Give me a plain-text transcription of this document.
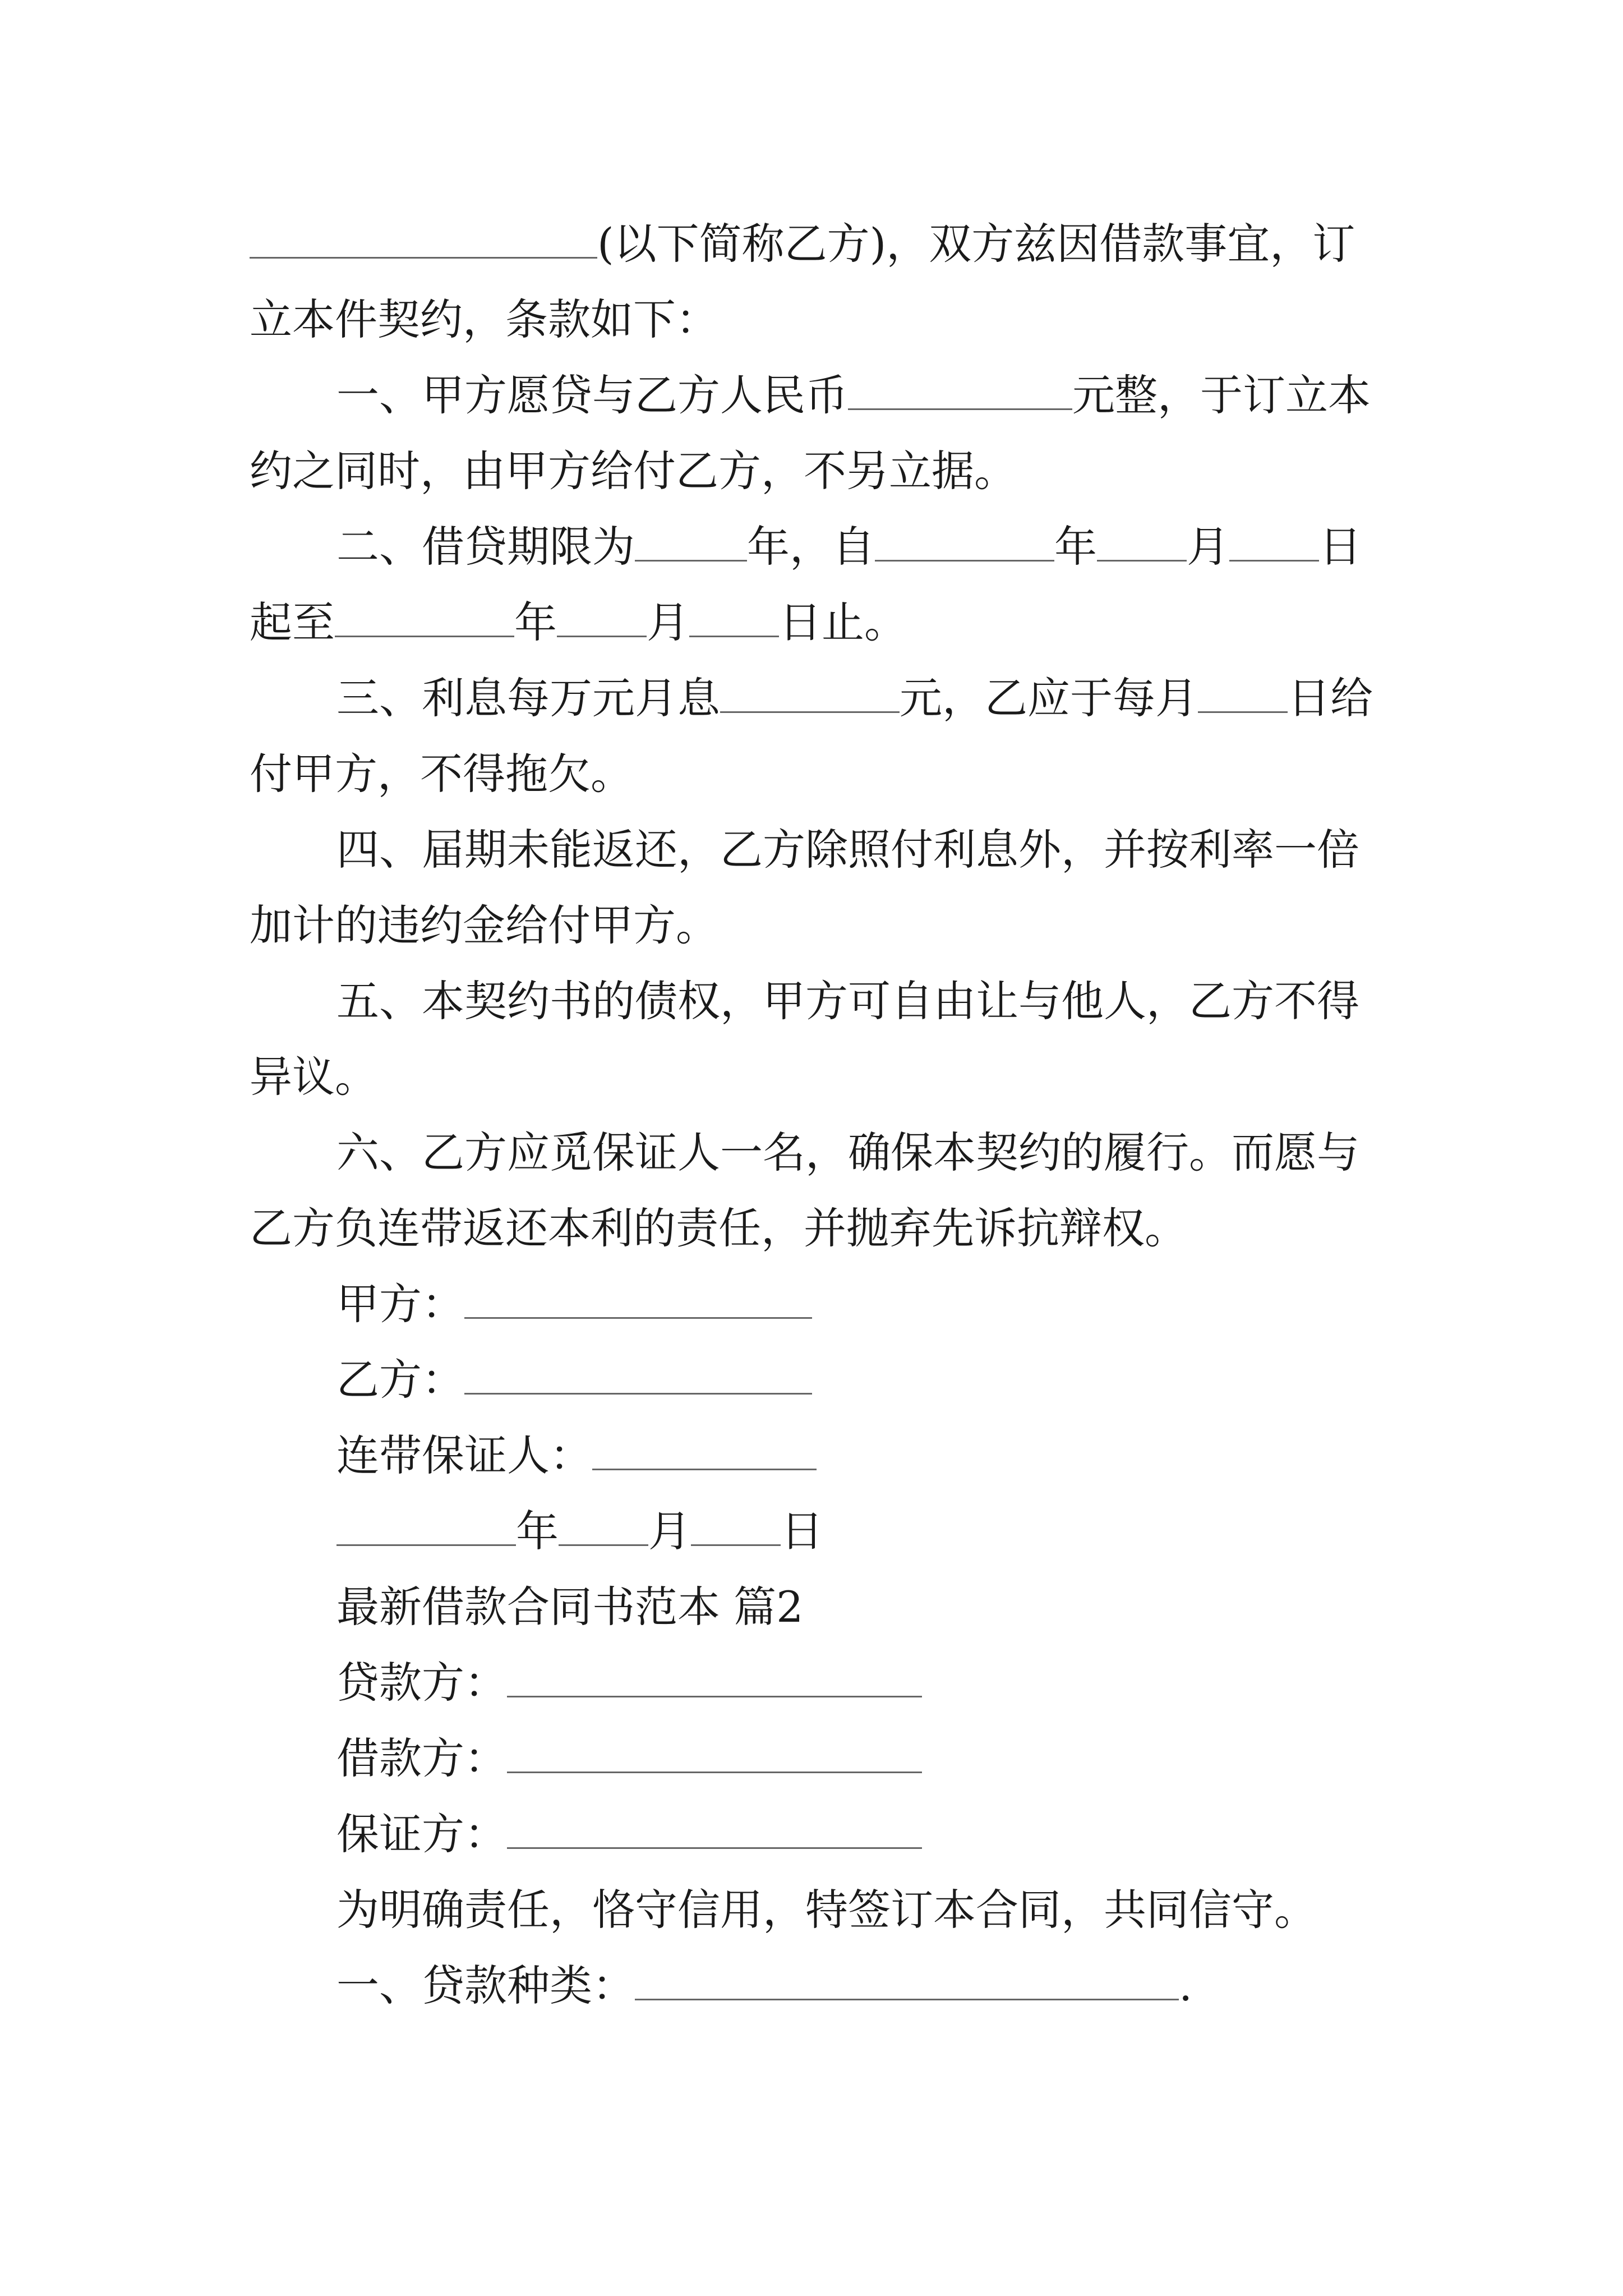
(以下简称乙方)，双方兹因借款事宜，订
立本件契约，条款如下：
一、甲方愿贷与乙方人民币	元整，于订立本
约之同时，由甲方给付乙方，不另立据。
二、借贷期限为	年，自	年 月 日
起至	年 月 日止。
三、利息每万元月息	元，乙应于每月 日给
付甲方，不得拖欠。
四、届期未能返还，乙方除照付利息外，并按利率一倍
加计的违约金给付甲方。
五、本契约书的债权，甲方可自由让与他人，乙方不得
异议。
六、乙方应觅保证人一名，确保本契约的履行。而愿与
乙方负连带返还本利的责任，并抛弃先诉抗辩权。
甲方：
乙方：
连带保证人：
年 月 日
最新借款合同书范本 篇2
贷款方：
借款方：
保证方：
为明确责任，恪守信用，特签订本合同，共同信守。
一、贷款种类：	.
